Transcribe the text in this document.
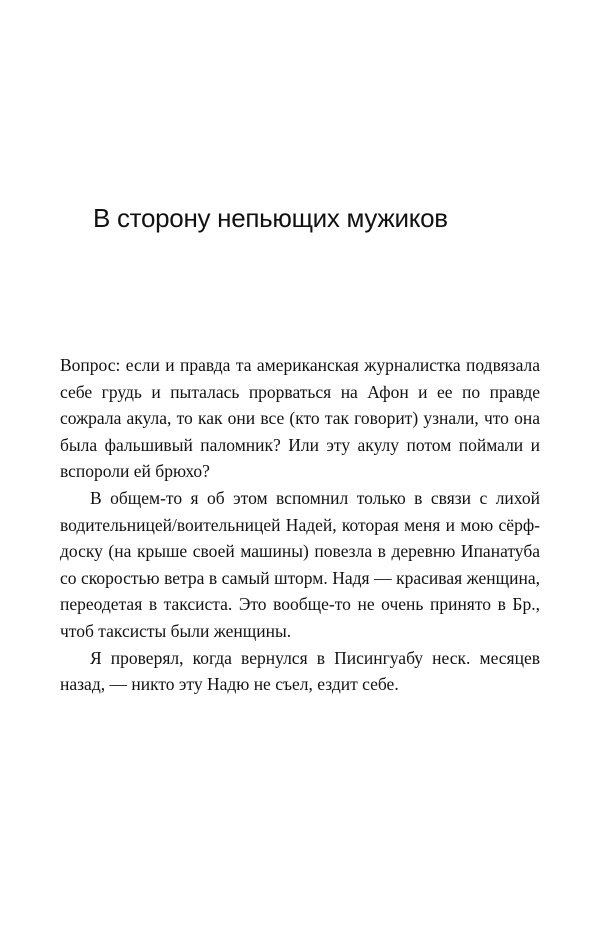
В сторону непьющих мужиков

Вопрос: если и правда та американская журналистка подвязала себе грудь и пыталась прорваться на Афон и ее по правде сожрала акула, то как они все (кто так говорит) узнали, что она была фальшивый паломник? Или эту акулу потом поймали и вспороли ей брюхо?

В общем-то я об этом вспомнил только в связи с лихой водительницей/воительницей Надей, которая меня и мою сёрф-доску (на крыше своей машины) повезла в деревню Ипанатуба со скоростью ветра в самый шторм. Надя — красивая женщина, переодетая в таксиста. Это вообще-то не очень принято в Бр., чтоб таксисты были женщины.

Я проверял, когда вернулся в Писингуабу неск. месяцев назад, — никто эту Надю не съел, ездит себе.
